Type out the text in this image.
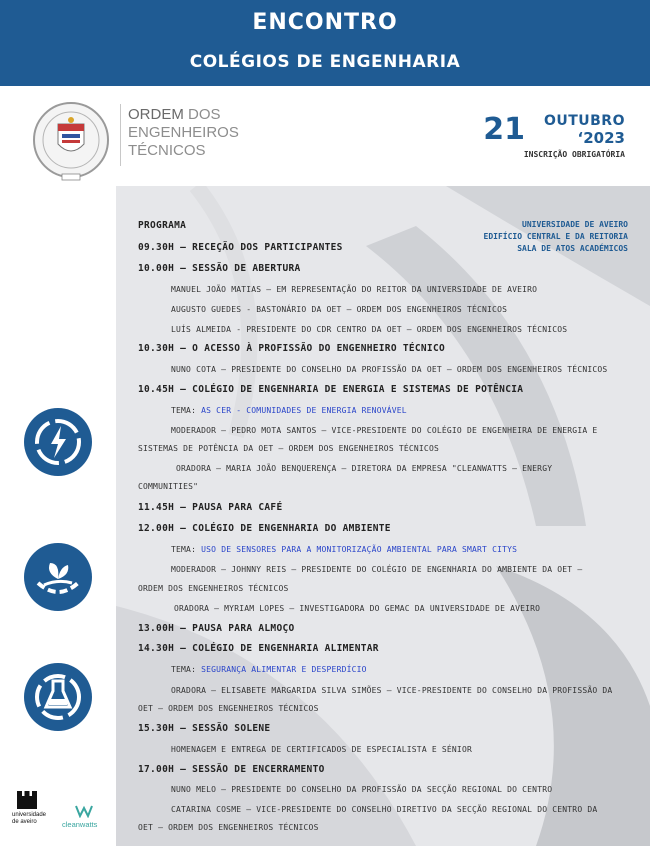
ENCONTRO
COLÉGIOS DE ENGENHARIA
ORDEM DOS
ENGENHEIROS
TÉCNICOS
21 OUTUBRO
‘2023
INSCRIÇÃO OBRIGATÓRIA
PROGRAMA	UNIVERSIDADE DE AVEIRO
EDIFÍCIO CENTRAL E DA REITORIA
SALA DE ATOS ACADÉMICOS
09.30H – RECEÇÃO DOS PARTICIPANTES
10.00H – SESSÃO DE ABERTURA
MANUEL JOÃO MATIAS – EM REPRESENTAÇÃO DO REITOR DA UNIVERSIDADE DE AVEIRO
AUGUSTO GUEDES - BASTONÁRIO DA OET – ORDEM DOS ENGENHEIROS TÉCNICOS
LUÍS ALMEIDA - PRESIDENTE DO CDR CENTRO DA OET – ORDEM DOS ENGENHEIROS TÉCNICOS
10.30H – O ACESSO À PROFISSÃO DO ENGENHEIRO TÉCNICO
NUNO COTA – PRESIDENTE DO CONSELHO DA PROFISSÃO DA OET – ORDEM DOS ENGENHEIROS TÉCNICOS
10.45H – COLÉGIO DE ENGENHARIA DE ENERGIA E SISTEMAS DE POTÊNCIA
TEMA: AS CER - COMUNIDADES DE ENERGIA RENOVÁVEL
MODERADOR – PEDRO MOTA SANTOS – VICE-PRESIDENTE DO COLÉGIO DE ENGENHEIRA DE ENERGIA E
SISTEMAS DE POTÊNCIA DA OET – ORDEM DOS ENGENHEIROS TÉCNICOS
ORADORA – MARIA JOÃO BENQUERENÇA – DIRETORA DA EMPRESA "CLEANWATTS – ENERGY
COMMUNITIES"
11.45H – PAUSA PARA CAFÉ
12.00H – COLÉGIO DE ENGENHARIA DO AMBIENTE
TEMA: USO DE SENSORES PARA A MONITORIZAÇÃO AMBIENTAL PARA SMART CITYS
MODERADOR – JOHNNY REIS – PRESIDENTE DO COLÉGIO DE ENGENHARIA DO AMBIENTE DA OET –
ORDEM DOS ENGENHEIROS TÉCNICOS
ORADORA – MYRIAM LOPES – INVESTIGADORA DO GEMAC DA UNIVERSIDADE DE AVEIRO
13.00H – PAUSA PARA ALMOÇO
14.30H – COLÉGIO DE ENGENHARIA ALIMENTAR
TEMA: SEGURANÇA ALIMENTAR E DESPERDÍCIO
ORADORA – ELISABETE MARGARIDA SILVA SIMÕES – VICE-PRESIDENTE DO CONSELHO DA PROFISSÃO DA
OET – ORDEM DOS ENGENHEIROS TÉCNICOS
15.30H – SESSÃO SOLENE
HOMENAGEM E ENTREGA DE CERTIFICADOS DE ESPECIALISTA E SÉNIOR
17.00H – SESSÃO DE ENCERRAMENTO
NUNO MELO – PRESIDENTE DO CONSELHO DA PROFISSÃO DA SECÇÃO REGIONAL DO CENTRO
CATARINA COSME – VICE-PRESIDENTE DO CONSELHO DIRETIVO DA SECÇÃO REGIONAL DO CENTRO DA
OET – ORDEM DOS ENGENHEIROS TÉCNICOS
universidade
de aveiro	cleanwatts
